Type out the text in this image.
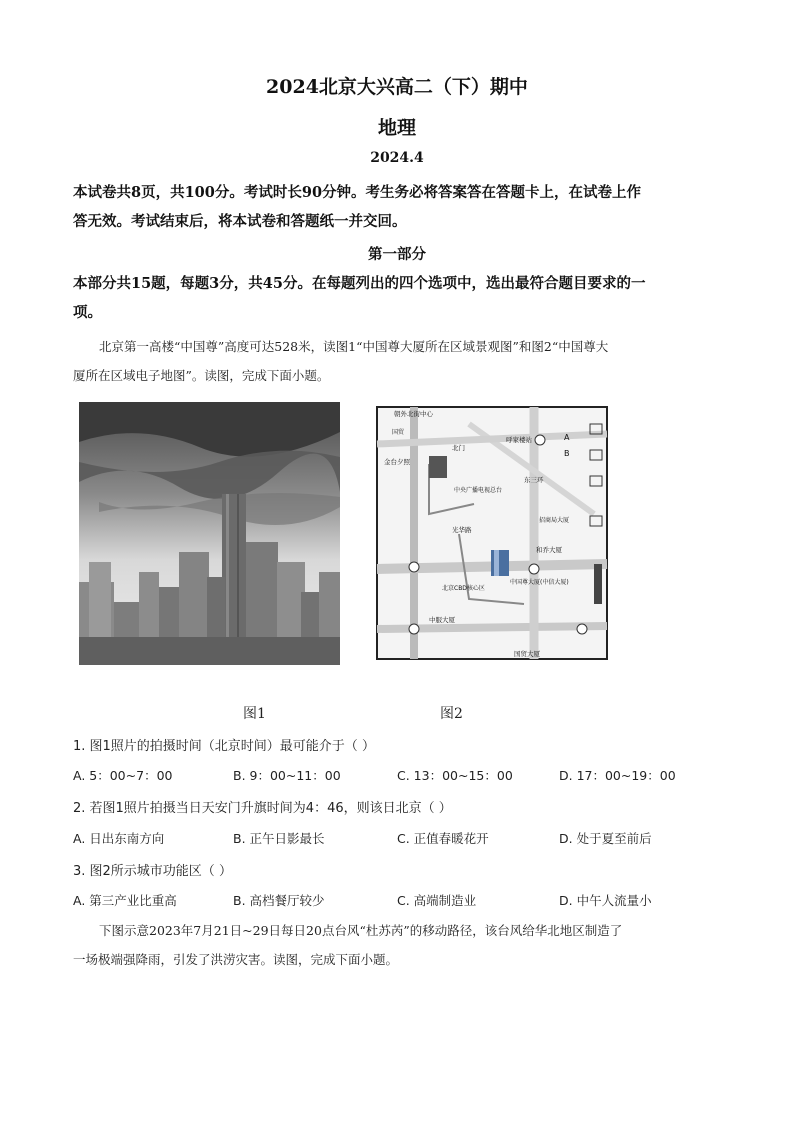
2024北京大兴高二（下）期中
地理
2024.4
本试卷共8页，共100分。考试时长90分钟。考生务必将答案答在答题卡上，在试卷上作
答无效。考试结束后，将本试卷和答题纸一并交回。
第一部分
本部分共15题，每题3分，共45分。在每题列出的四个选项中，选出最符合题目要求的一
项。
北京第一高楼“中国尊”高度可达528米，读图1“中国尊大厦所在区域景观图”和图2“中国尊大
厦所在区域电子地图”。读图，完成下面小题。
朝外北街中心
国贸
北门
金台夕照
呼家楼站
中央广播电视总台
光华路
东三环
招商局大厦
和乔大厦
北京CBD核心区
中国尊大厦(中信大厦)
中服大厦
国贸大厦
A
B
图1	图2
1. 图1照片的拍摄时间（北京时间）最可能介于（ ）
A. 5：00~7：00	B. 9：00~11：00	C. 13：00~15：00	D. 17：00~19：00
2. 若图1照片拍摄当日天安门升旗时间为4：46，则该日北京（ ）
A. 日出东南方向	B. 正午日影最长	C. 正值春暖花开	D. 处于夏至前后
3. 图2所示城市功能区（ ）
A. 第三产业比重高	B. 高档餐厅较少	C. 高端制造业	D. 中午人流量小
下图示意2023年7月21日~29日每日20点台风“杜苏芮”的移动路径，该台风给华北地区制造了
一场极端强降雨，引发了洪涝灾害。读图，完成下面小题。
